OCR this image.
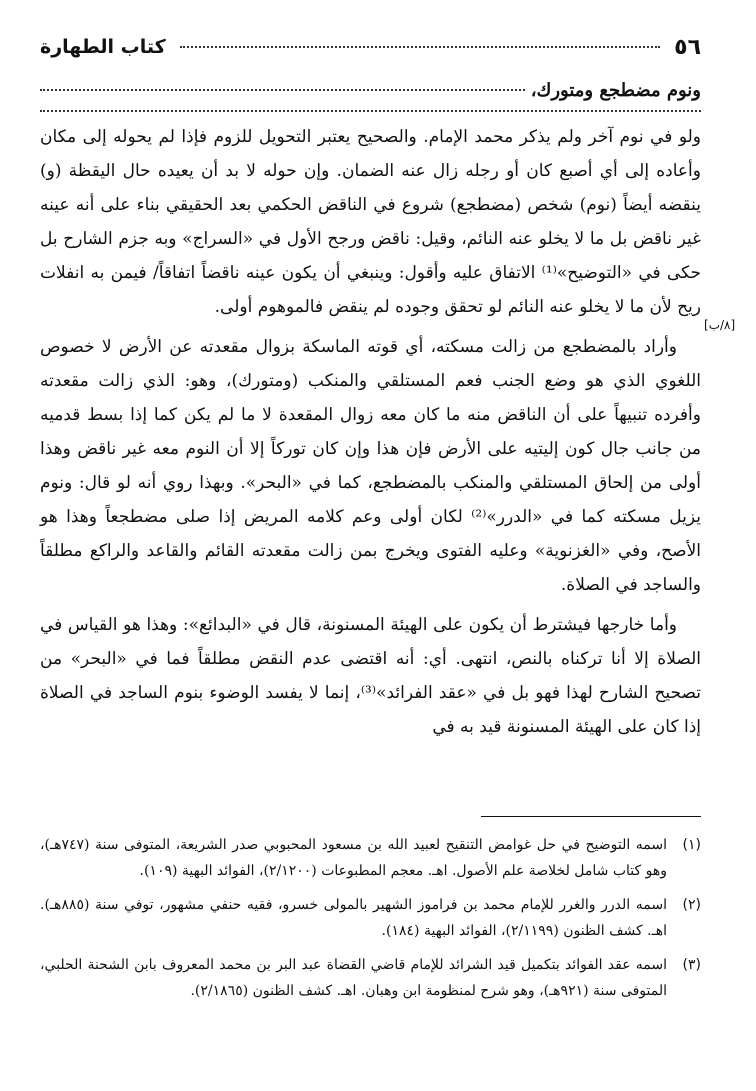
٥٦
كتاب الطهارة
ونوم مضطجع ومتورك،
[٨/ب]

ولو في نوم آخر ولم يذكر محمد الإمام. والصحيح يعتبر التحويل للزوم فإذا لم يحوله إلى مكان وأعاده إلى أي أصبع كان أو رجله زال عنه الضمان. وإن حوله لا بد أن يعيده حال اليقظة (و) ينقضه أيضاً (نوم) شخص (مضطجع) شروع في الناقض الحكمي بعد الحقيقي بناء على أنه عينه غير ناقض بل ما لا يخلو عنه النائم، وقيل: ناقض ورجح الأول في «السراج» وبه جزم الشارح بل حكى في «التوضيح»⁽¹⁾ الاتفاق عليه وأقول: وينبغي أن يكون عينه ناقضاً اتفاقاً/ فيمن به انفلات ريح لأن ما لا يخلو عنه النائم لو تحقق وجوده لم ينقض فالموهوم أولى.

وأراد بالمضطجع من زالت مسكته، أي قوته الماسكة بزوال مقعدته عن الأرض لا خصوص اللغوي الذي هو وضع الجنب فعم المستلقي والمنكب (ومتورك)، وهو: الذي زالت مقعدته وأفرده تنبيهاً على أن الناقض منه ما كان معه زوال المقعدة لا ما لم يكن كما إذا بسط قدميه من جانب جال كون إليتيه على الأرض فإن هذا وإن كان توركاً إلا أن النوم معه غير ناقض وهذا أولى من إلحاق المستلقي والمنكب بالمضطجع، كما في «البحر». وبهذا روي أنه لو قال: ونوم يزيل مسكته كما في «الدرر»⁽²⁾ لكان أولى وعم كلامه المريض إذا صلى مضطجعاً وهذا هو الأصح، وفي «الغزنوية» وعليه الفتوى ويخرج بمن زالت مقعدته القائم والقاعد والراكع مطلقاً والساجد في الصلاة.

وأما خارجها فيشترط أن يكون على الهيئة المسنونة، قال في «البدائع»: وهذا هو القياس في الصلاة إلا أنا تركناه بالنص، انتهى. أي: أنه اقتضى عدم النقض مطلقاً فما في «البحر» من تصحيح الشارح لهذا فهو بل في «عقد الفرائد»⁽³⁾، إنما لا يفسد الوضوء بنوم الساجد في الصلاة إذا كان على الهيئة المسنونة قيد به في

(١)
اسمه التوضيح في حل غوامض التنقيح لعبيد الله بن مسعود المحبوبي صدر الشريعة، المتوفى سنة (٧٤٧هـ)، وهو كتاب شامل لخلاصة علم الأصول. اهـ. معجم المطبوعات (٢/١٢٠٠)، الفوائد البهية (١٠٩).
(٢)
اسمه الدرر والغرر للإمام محمد بن فراموز الشهير بالمولى خسرو، فقيه حنفي مشهور، توفي سنة (٨٨٥هـ). اهـ. كشف الظنون (٢/١١٩٩)، الفوائد البهية (١٨٤).
(٣)
اسمه عقد الفوائد بتكميل قيد الشرائد للإمام قاضي القضاة عبد البر بن محمد المعروف بابن الشحنة الحلبي، المتوفى سنة (٩٢١هـ)، وهو شرح لمنظومة ابن وهبان. اهـ. كشف الظنون (٢/١٨٦٥).
